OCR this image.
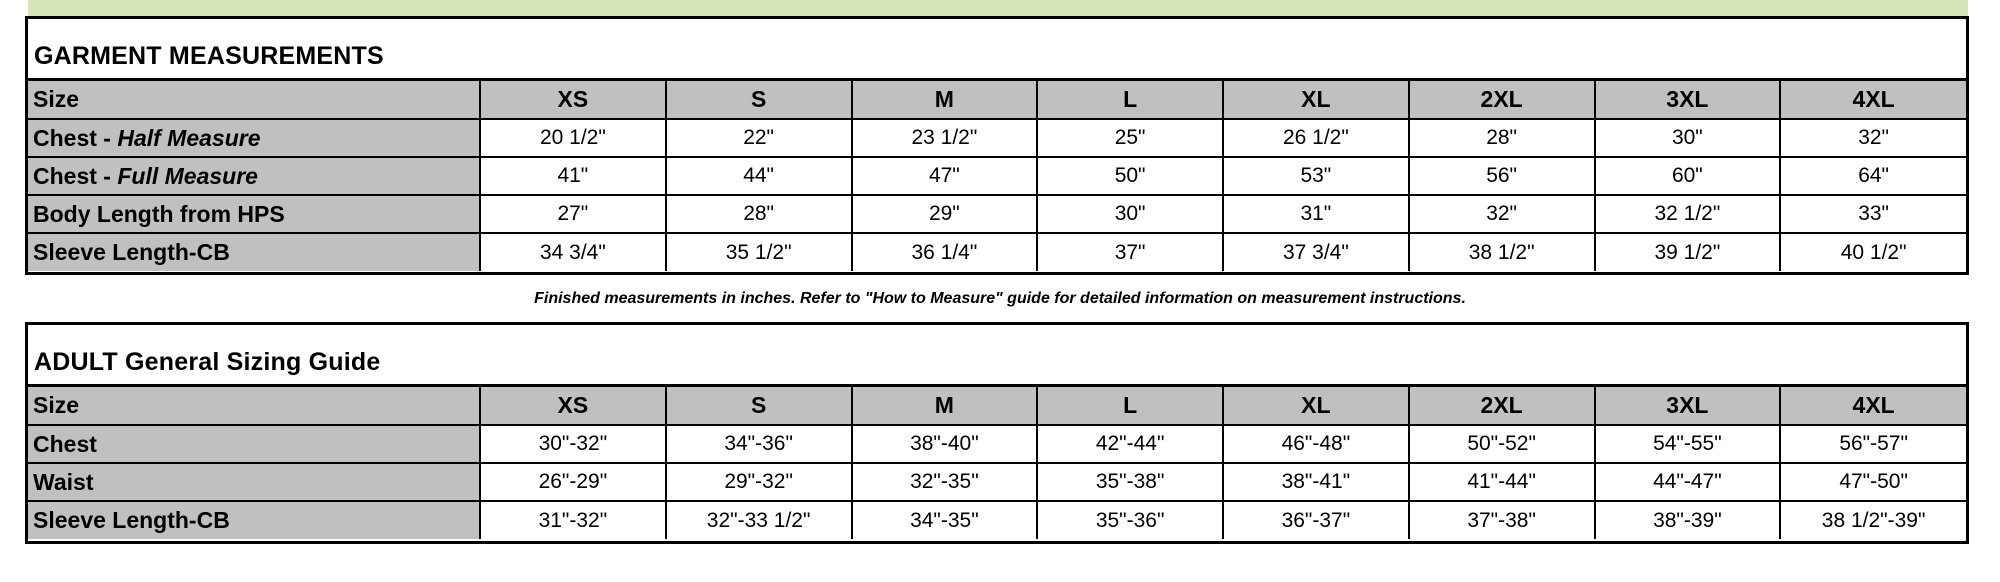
GARMENT MEASUREMENTS
Size	XS	S	M	L	XL	2XL	3XL	4XL
Chest - Half Measure	20 1/2"	22"	23 1/2"	25"	26 1/2"	28"	30"	32"
Chest - Full Measure	41"	44"	47"	50"	53"	56"	60"	64"
Body Length from HPS	27"	28"	29"	30"	31"	32"	32 1/2"	33"
Sleeve Length-CB	34 3/4"	35 1/2"	36 1/4"	37"	37 3/4"	38 1/2"	39 1/2"	40 1/2"
Finished measurements in inches. Refer to "How to Measure" guide for detailed information on measurement instructions.
ADULT General Sizing Guide
Size	XS	S	M	L	XL	2XL	3XL	4XL
Chest	30"-32"	34"-36"	38"-40"	42"-44"	46"-48"	50"-52"	54"-55"	56"-57"
Waist	26"-29"	29"-32"	32"-35"	35"-38"	38"-41"	41"-44"	44"-47"	47"-50"
Sleeve Length-CB	31"-32"	32"-33 1/2"	34"-35"	35"-36"	36"-37"	37"-38"	38"-39"	38 1/2"-39"
